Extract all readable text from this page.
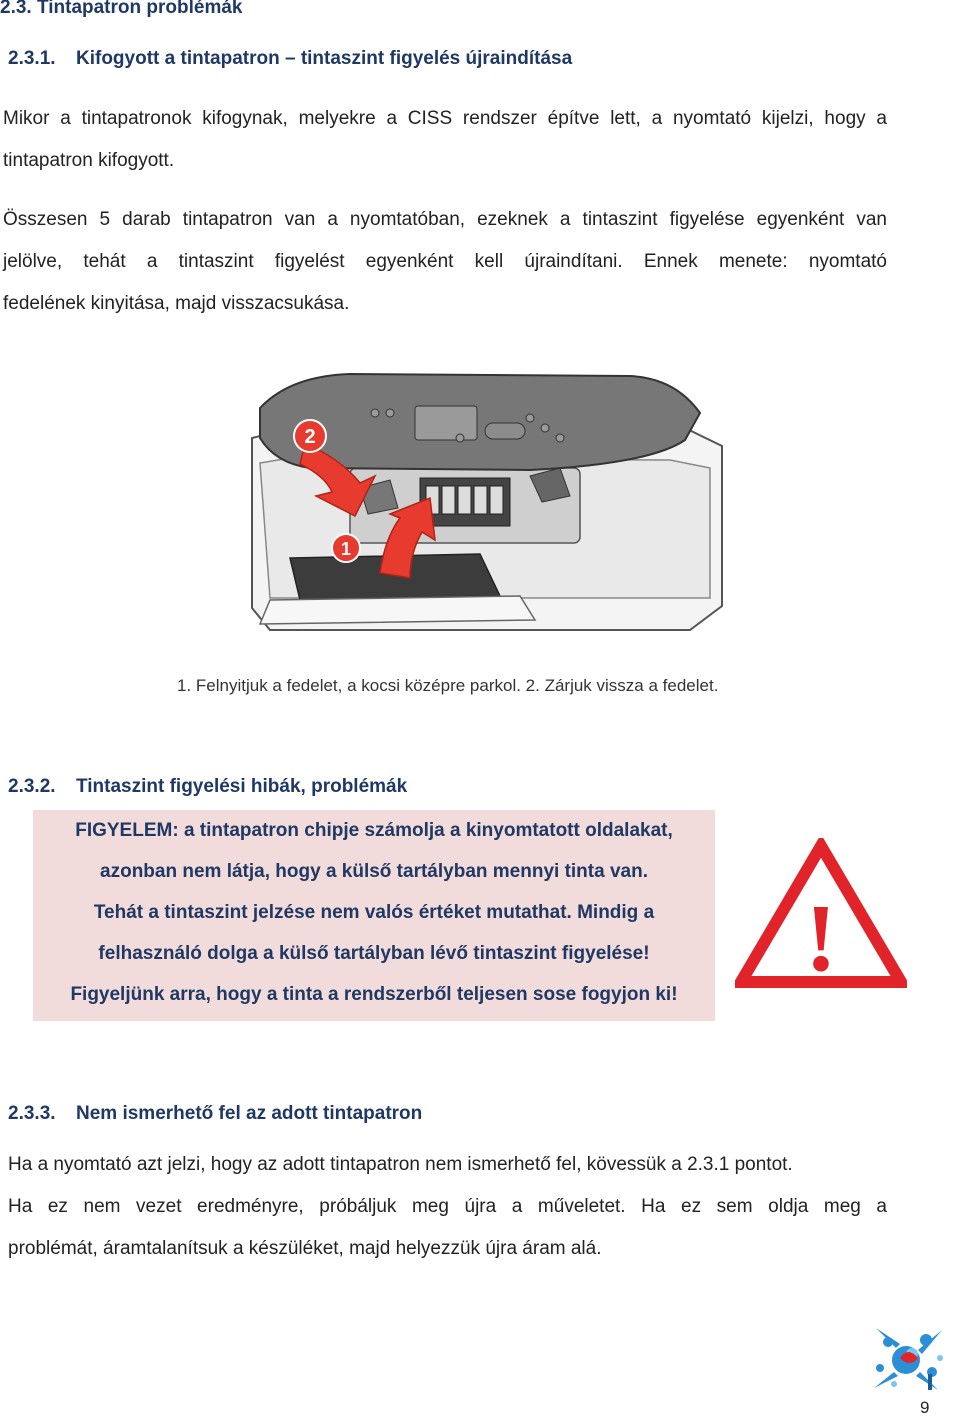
2.3. Tintapatron problémák
2.3.1. Kifogyott a tintapatron – tintaszint figyelés újraindítása
Mikor a tintapatronok kifogynak, melyekre a CISS rendszer építve lett, a nyomtató kijelzi, hogy a
tintapatron kifogyott.
Összesen 5 darab tintapatron van a nyomtatóban, ezeknek a tintaszint figyelése egyenként van
jelölve, tehát a tintaszint figyelést egyenként kell újraindítani. Ennek menete: nyomtató
fedelének kinyitása, majd visszacsukása.
2
1
1. Felnyitjuk a fedelet, a kocsi középre parkol. 2. Zárjuk vissza a fedelet.
2.3.2. Tintaszint figyelési hibák, problémák
FIGYELEM: a tintapatron chipje számolja a kinyomtatott oldalakat,
azonban nem látja, hogy a külső tartályban mennyi tinta van.
Tehát a tintaszint jelzése nem valós értéket mutathat. Mindig a
felhasználó dolga a külső tartályban lévő tintaszint figyelése!
Figyeljünk arra, hogy a tinta a rendszerből teljesen sose fogyjon ki!
!
2.3.3. Nem ismerhető fel az adott tintapatron
Ha a nyomtató azt jelzi, hogy az adott tintapatron nem ismerhető fel, kövessük a 2.3.1 pontot.
Ha ez nem vezet eredményre, próbáljuk meg újra a műveletet. Ha ez sem oldja meg a
problémát, áramtalanítsuk a készüléket, majd helyezzük újra áram alá.
9
